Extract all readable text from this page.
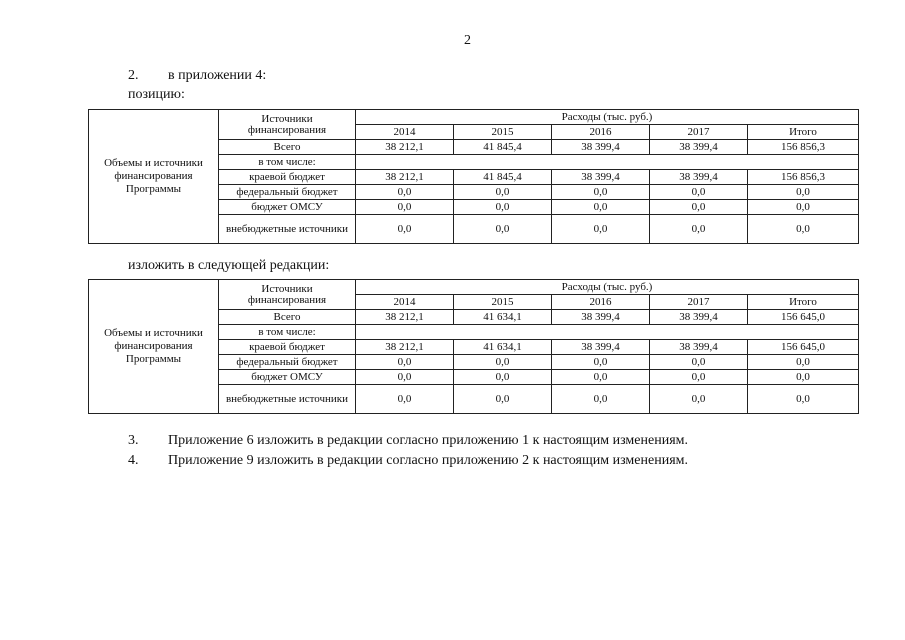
2
2. в приложении 4:
позицию:
Объемы и источники финансирования Программы	Источники финансирования	Расходы (тыс. руб.)				
		2014	2015	2016	2017	Итого
	Всего	38 212,1	41 845,4	38 399,4	38 399,4	156 856,3
	в том числе:					
	краевой бюджет	38 212,1	41 845,4	38 399,4	38 399,4	156 856,3
	федеральный бюджет	0,0	0,0	0,0	0,0	0,0
	бюджет ОМСУ	0,0	0,0	0,0	0,0	0,0
	внебюджетные источники	0,0	0,0	0,0	0,0	0,0
изложить в следующей редакции:
Объемы и источники финансирования Программы	Источники финансирования	Расходы (тыс. руб.)				
		2014	2015	2016	2017	Итого
	Всего	38 212,1	41 634,1	38 399,4	38 399,4	156 645,0
	в том числе:					
	краевой бюджет	38 212,1	41 634,1	38 399,4	38 399,4	156 645,0
	федеральный бюджет	0,0	0,0	0,0	0,0	0,0
	бюджет ОМСУ	0,0	0,0	0,0	0,0	0,0
	внебюджетные источники	0,0	0,0	0,0	0,0	0,0
3. Приложение 6 изложить в редакции согласно приложению 1 к настоящим изменениям.
4. Приложение 9 изложить в редакции согласно приложению 2 к настоящим изменениям.
